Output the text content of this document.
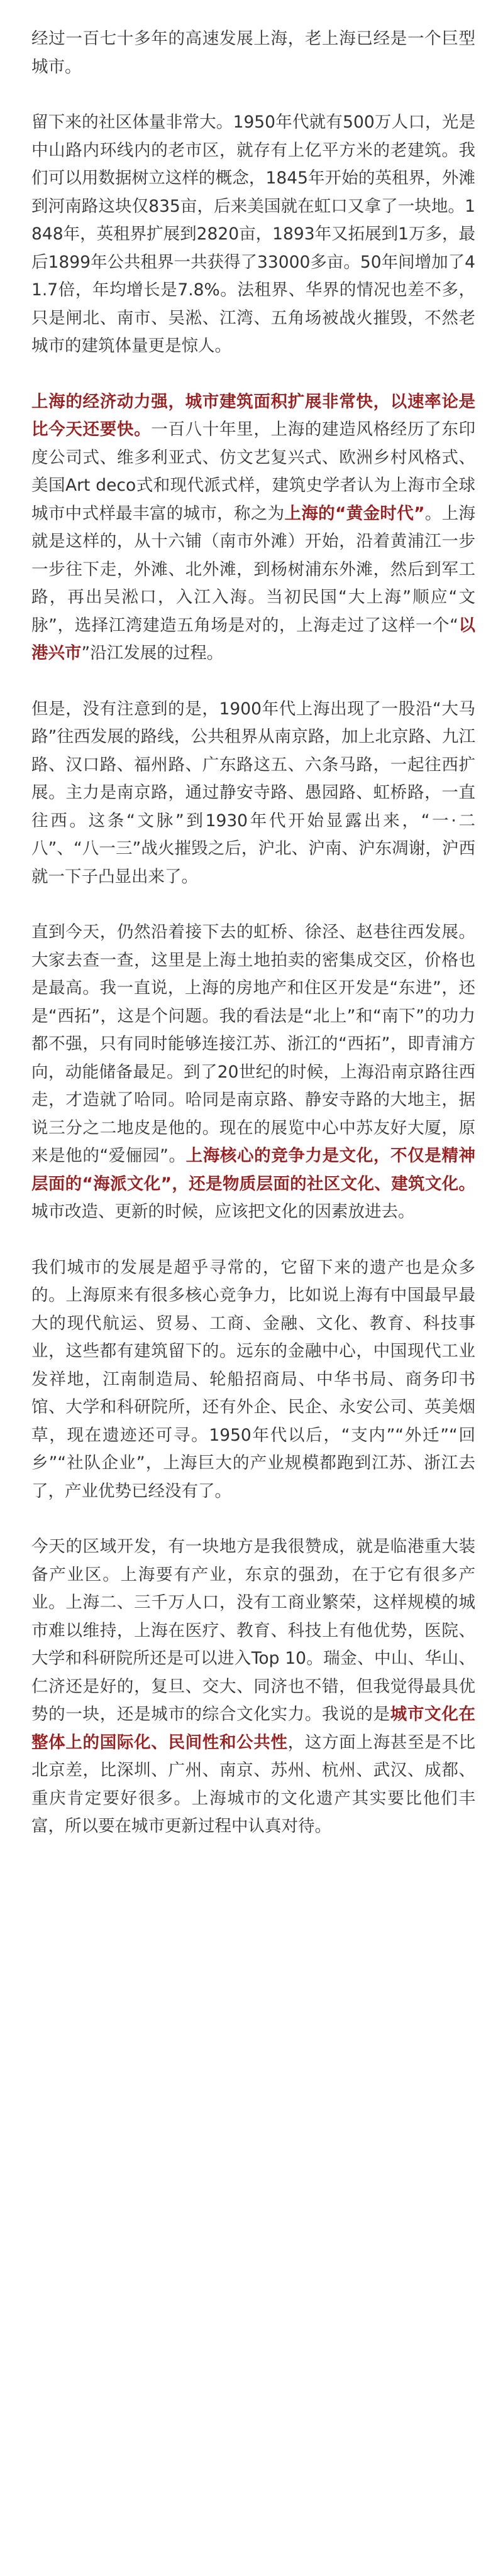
经过一百七十多年的高速发展上海，老上海已经是一个巨型城市。

留下来的社区体量非常大。1950年代就有500万人口，光是中山路内环线内的老市区，就存有上亿平方米的老建筑。我们可以用数据树立这样的概念，1845年开始的英租界，外滩到河南路这块仅835亩，后来美国就在虹口又拿了一块地。1848年，英租界扩展到2820亩，1893年又拓展到1万多，最后1899年公共租界一共获得了33000多亩。50年间增加了41.7倍，年均增长是7.8%。法租界、华界的情况也差不多，只是闸北、南市、吴淞、江湾、五角场被战火摧毁，不然老城市的建筑体量更是惊人。

上海的经济动力强，城市建筑面积扩展非常快，以速率论是比今天还要快。一百八十年里，上海的建造风格经历了东印度公司式、维多利亚式、仿文艺复兴式、欧洲乡村风格式、美国Art deco式和现代派式样，建筑史学者认为上海市全球城市中式样最丰富的城市，称之为上海的“黄金时代”。上海就是这样的，从十六铺（南市外滩）开始，沿着黄浦江一步一步往下走，外滩、北外滩，到杨树浦东外滩，然后到军工路，再出吴淞口，入江入海。当初民国“大上海”顺应“文脉”，选择江湾建造五角场是对的，上海走过了这样一个“以港兴市”沿江发展的过程。

但是，没有注意到的是，1900年代上海出现了一股沿“大马路”往西发展的路线，公共租界从南京路，加上北京路、九江路、汉口路、福州路、广东路这五、六条马路，一起往西扩展。主力是南京路，通过静安寺路、愚园路、虹桥路，一直往西。这条“文脉”到1930年代开始显露出来，“一·二八”、“八一三”战火摧毁之后，沪北、沪南、沪东凋谢，沪西就一下子凸显出来了。

直到今天，仍然沿着接下去的虹桥、徐泾、赵巷往西发展。大家去查一查，这里是上海土地拍卖的密集成交区，价格也是最高。我一直说，上海的房地产和住区开发是“东进”，还是“西拓”，这是个问题。我的看法是“北上”和“南下”的功力都不强，只有同时能够连接江苏、浙江的“西拓”，即青浦方向，动能储备最足。到了20世纪的时候，上海沿南京路往西走，才造就了哈同。哈同是南京路、静安寺路的大地主，据说三分之二地皮是他的。现在的展览中心中苏友好大厦，原来是他的“爱俪园”。上海核心的竞争力是文化，不仅是精神层面的“海派文化”，还是物质层面的社区文化、建筑文化。城市改造、更新的时候，应该把文化的因素放进去。

我们城市的发展是超乎寻常的，它留下来的遗产也是众多的。上海原来有很多核心竞争力，比如说上海有中国最早最大的现代航运、贸易、工商、金融、文化、教育、科技事业，这些都有建筑留下的。远东的金融中心，中国现代工业发祥地，江南制造局、轮船招商局、中华书局、商务印书馆、大学和科研院所，还有外企、民企、永安公司、英美烟草，现在遗迹还可寻。1950年代以后，“支内”“外迁”“回乡”“社队企业”，上海巨大的产业规模都跑到江苏、浙江去了，产业优势已经没有了。

今天的区域开发，有一块地方是我很赞成，就是临港重大装备产业区。上海要有产业，东京的强劲，在于它有很多产业。上海二、三千万人口，没有工商业繁荣，这样规模的城市难以维持，上海在医疗、教育、科技上有他优势，医院、大学和科研院所还是可以进入Top 10。瑞金、中山、华山、仁济还是好的，复旦、交大、同济也不错，但我觉得最具优势的一块，还是城市的综合文化实力。我说的是城市文化在整体上的国际化、民间性和公共性，这方面上海甚至是不比北京差，比深圳、广州、南京、苏州、杭州、武汉、成都、重庆肯定要好很多。上海城市的文化遗产其实要比他们丰富，所以要在城市更新过程中认真对待。
